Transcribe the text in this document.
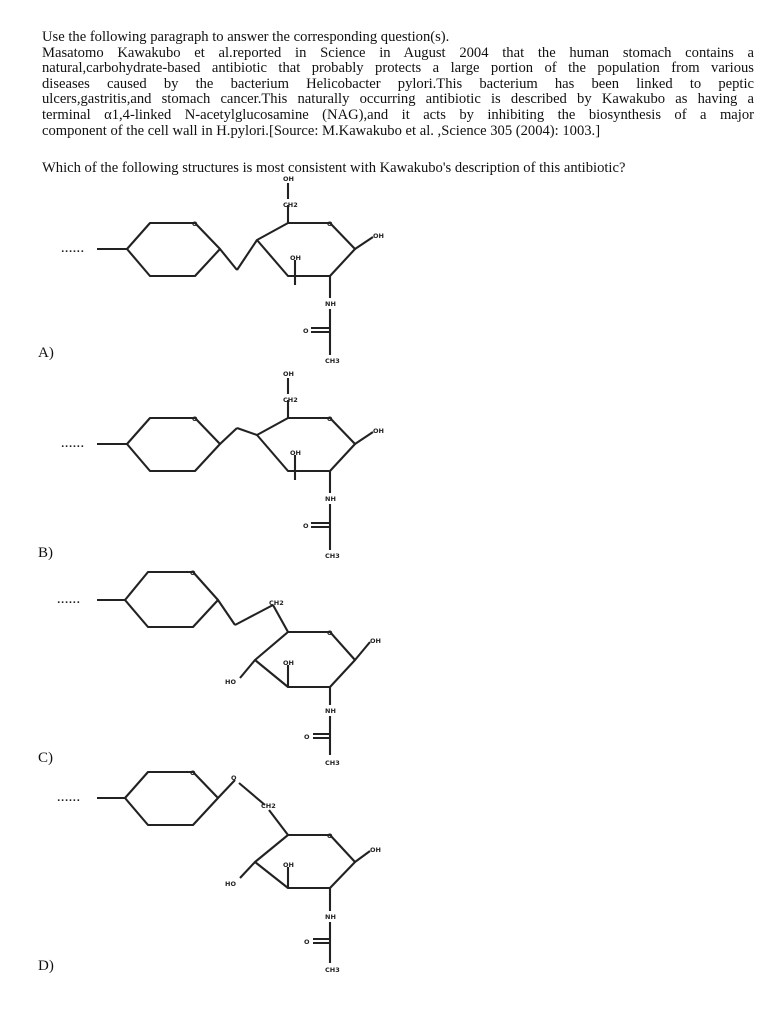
Use the following paragraph to answer the corresponding question(s).
Masatomo Kawakubo et al.reported in Science in August 2004 that the human stomach contains a
natural,carbohydrate-based antibiotic that probably protects a large portion of the population from various
diseases caused by the bacterium Helicobacter pylori.This bacterium has been linked to peptic
ulcers,gastritis,and stomach cancer.This naturally occurring antibiotic is described by Kawakubo as having a
terminal α1,4-linked N-acetylglucosamine (NAG),and it acts by inhibiting the biosynthesis of a major
component of the cell wall in H.pylori.[Source: M.Kawakubo et al. ,Science 305 (2004): 1003.]
Which of the following structures is most consistent with Kawakubo's description of this antibiotic?
......
O	O
CH2
OH
OH
OH
NH
O
CH3
A)
......
O	O
CH2
OH
OH
OH
NH
O
CH3
B)
......	CH2
O
O
OH
OH
HO
NH
O
CH3
C)
......
O
CH2
O
O
OH
OH
HO
NH
O
CH3
D)
